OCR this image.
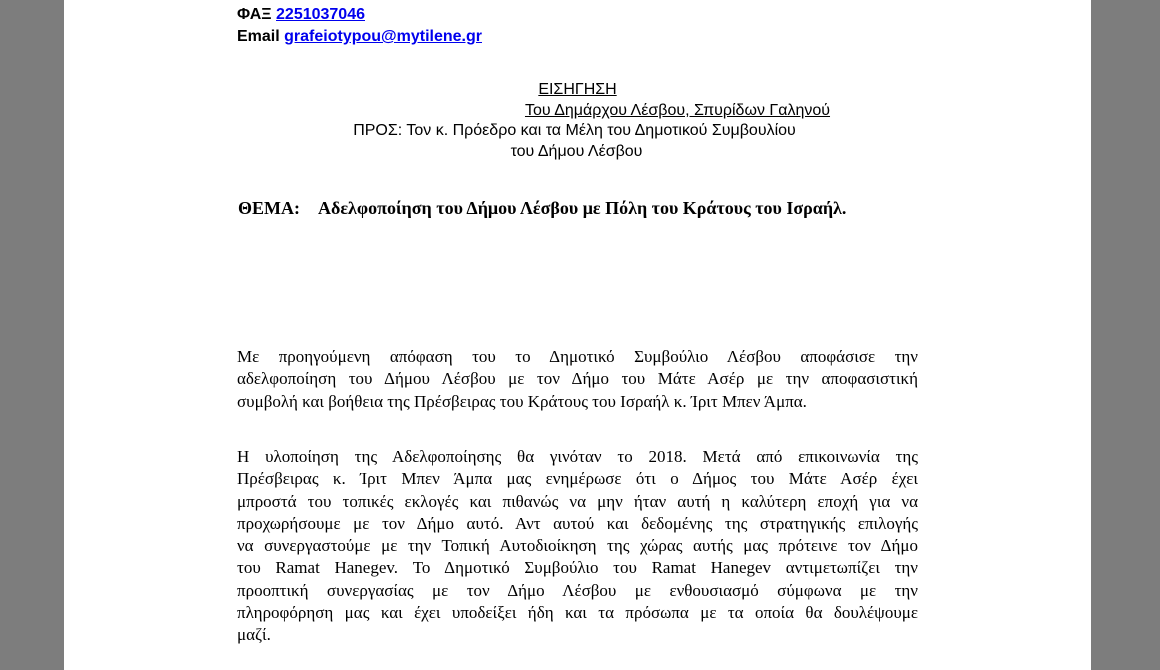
ΦΑΞ 2251037046
Email grafeiotypou@mytilene.gr
ΕΙΣΗΓΗΣΗ
Του Δημάρχου Λέσβου, Σπυρίδων Γαληνού
ΠΡΟΣ: Τον κ. Πρόεδρο και τα Μέλη του Δημοτικού Συμβουλίου
του Δήμου Λέσβου
ΘΕΜΑ: Αδελφοποίηση του Δήμου Λέσβου με Πόλη του Κράτους του Ισραήλ.
Με προηγούμενη απόφαση του το Δημοτικό Συμβούλιο Λέσβου αποφάσισε την
αδελφοποίηση του Δήμου Λέσβου με τον Δήμο του Μάτε Ασέρ με την αποφασιστική
συμβολή και βοήθεια της Πρέσβειρας του Κράτους του Ισραήλ κ. Ίριτ Μπεν Άμπα.
Η υλοποίηση της Αδελφοποίησης θα γινόταν το 2018. Μετά από επικοινωνία της
Πρέσβειρας κ. Ίριτ Μπεν Άμπα μας ενημέρωσε ότι ο Δήμος του Μάτε Ασέρ έχει
μπροστά του τοπικές εκλογές και πιθανώς να μην ήταν αυτή η καλύτερη εποχή για να
προχωρήσουμε με τον Δήμο αυτό. Αντ αυτού και δεδομένης της στρατηγικής επιλογής
να συνεργαστούμε με την Τοπική Αυτοδιοίκηση της χώρας αυτής μας πρότεινε τον Δήμο
του Ramat Hanegev. Το Δημοτικό Συμβούλιο του Ramat Hanegev αντιμετωπίζει την
προοπτική συνεργασίας με τον Δήμο Λέσβου με ενθουσιασμό σύμφωνα με την
πληροφόρηση μας και έχει υποδείξει ήδη και τα πρόσωπα με τα οποία θα δουλέψουμε
μαζί.
